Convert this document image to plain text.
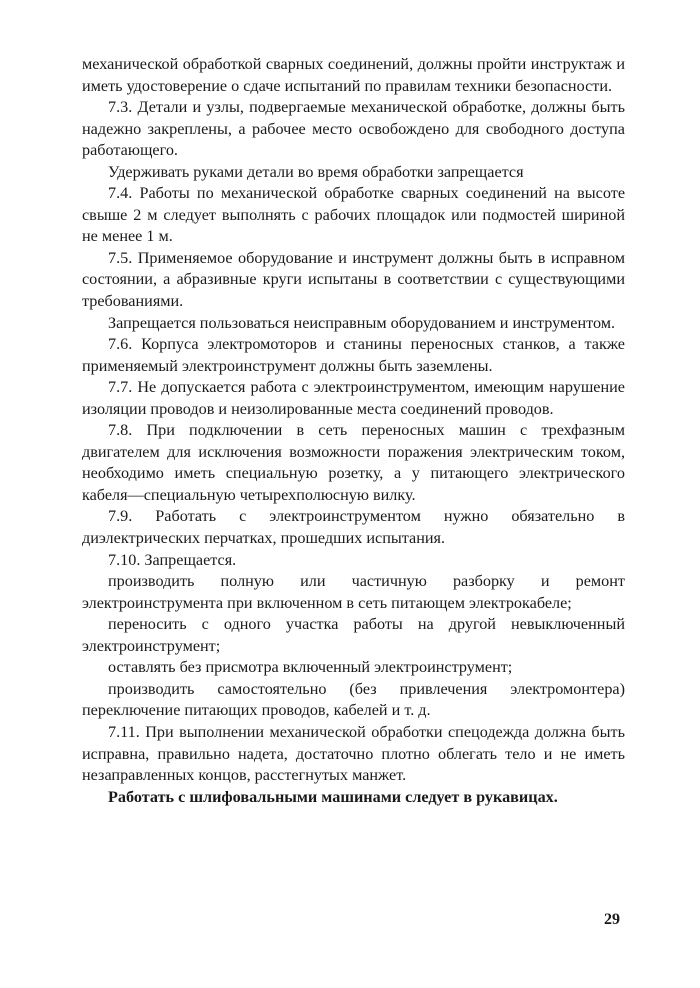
механической обработкой сварных соединений, должны пройти инструктаж и иметь удостоверение о сдаче испытаний по правилам техники безопасности.

7.3. Детали и узлы, подвергаемые механической обработке, должны быть надежно закреплены, а рабочее место освобождено для свободного доступа работающего.

Удерживать руками детали во время обработки запрещается

7.4. Работы по механической обработке сварных соединений на высоте свыше 2 м следует выполнять с рабочих площадок или подмостей шириной не менее 1 м.

7.5. Применяемое оборудование и инструмент должны быть в исправном состоянии, а абразивные круги испытаны в соответствии с существующими требованиями.

Запрещается пользоваться неисправным оборудованием и инструментом.

7.6. Корпуса электромоторов и станины переносных станков, а также применяемый электроинструмент должны быть заземлены.

7.7. Не допускается работа с электроинструментом, имеющим нарушение изоляции проводов и неизолированные места соединений проводов.

7.8. При подключении в сеть переносных машин с трехфазным двигателем для исключения возможности поражения электрическим током, необходимо иметь специальную розетку, а у питающего электрического кабеля—специальную четырехполюсную вилку.

7.9. Работать с электроинструментом нужно обязательно в диэлектрических перчатках, прошедших испытания.

7.10. Запрещается.

производить полную или частичную разборку и ремонт электроинструмента при включенном в сеть питающем электрокабеле;

переносить с одного участка работы на другой невыключенный электроинструмент;

оставлять без присмотра включенный электроинструмент;

производить самостоятельно (без привлечения электромонтера) переключение питающих проводов, кабелей и т. д.

7.11. При выполнении механической обработки спецодежда должна быть исправна, правильно надета, достаточно плотно облегать тело и не иметь незаправленных концов, расстегнутых манжет.

Работать с шлифовальными машинами следует в рукавицах.

29
